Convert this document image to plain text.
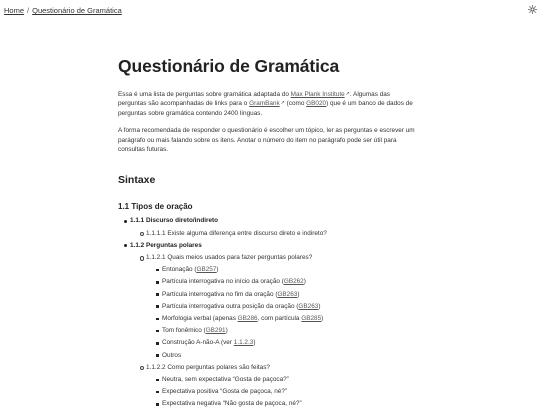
Home / Questionário de Gramática
Questionário de Gramática

Essa é uma lista de perguntas sobre gramática adaptada do Max Plank Institute↗. Algumas das perguntas são acompanhadas de links para o GramBank↗ (como GB020) que é um banco de dados de perguntas sobre gramática contendo 2400 línguas.

A forma recomendada de responder o questionário é escolher um tópico, ler as perguntas e escrever um parágrafo ou mais falando sobre os itens. Anotar o número do item no parágrafo pode ser útil para consultas futuras.

Sintaxe
1.1 Tipos de oração
1.1.1 Discurso direto/indireto
1.1.1.1 Existe alguma diferença entre discurso direto e indireto?
1.1.2 Perguntas polares
1.1.2.1 Quais meios usados para fazer perguntas polares?
Entonação (GB257)
Partícula interrogativa no início da oração (GB262)
Partícula interrogativa no fim da oração (GB263)
Partícula interrogativa outra posição da oração (GB263)
Morfologia verbal (apenas GB286, com partícula GB285)
Tom fonêmico (GB291)
Construção A-não-A (ver 1.1.2.3)
Outros
1.1.2.2 Como perguntas polares são feitas?
Neutra, sem expectativa “Gosta de paçoca?”
Expectativa positiva “Gosta de paçoca, né?”
Expectativa negativa “Não gosta de paçoca, né?”
